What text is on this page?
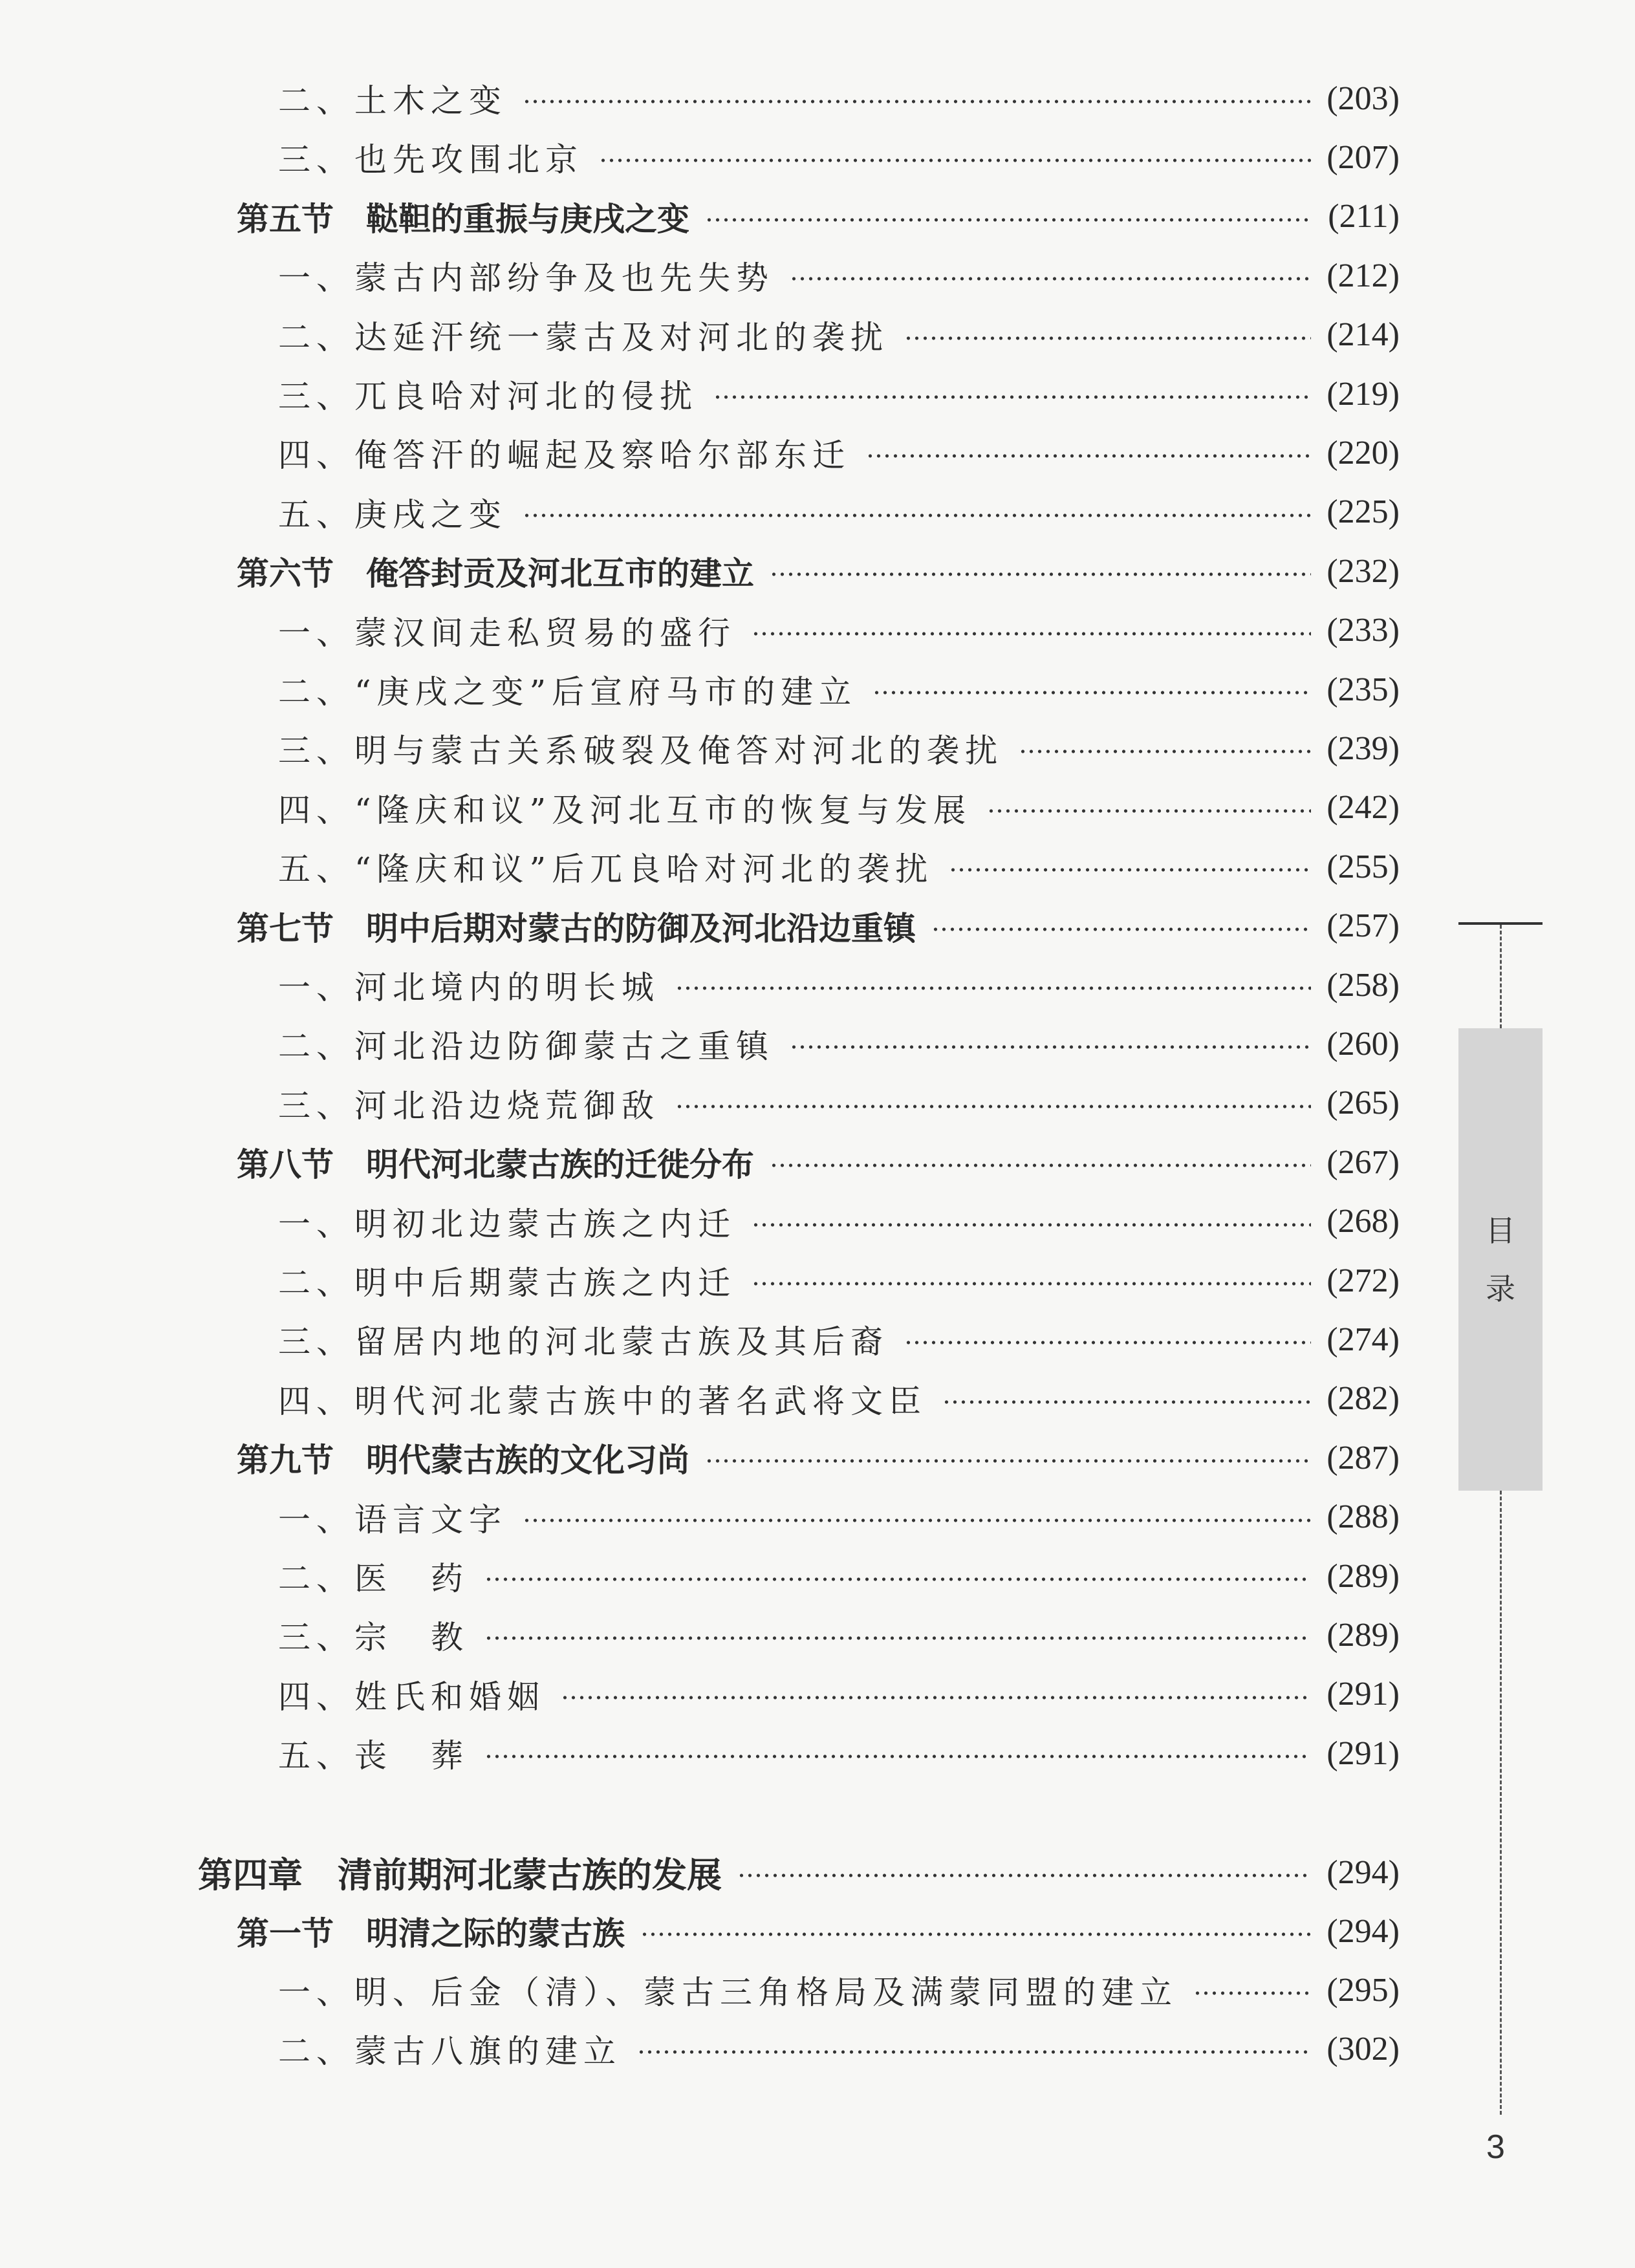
二、土木之变	(203)
三、也先攻围北京	(207)
第五节　鞑靼的重振与庚戌之变	(211)
一、蒙古内部纷争及也先失势	(212)
二、达延汗统一蒙古及对河北的袭扰	(214)
三、兀良哈对河北的侵扰	(219)
四、俺答汗的崛起及察哈尔部东迁	(220)
五、庚戌之变	(225)
第六节　俺答封贡及河北互市的建立	(232)
一、蒙汉间走私贸易的盛行	(233)
二、“庚戌之变”后宣府马市的建立	(235)
三、明与蒙古关系破裂及俺答对河北的袭扰	(239)
四、“隆庆和议”及河北互市的恢复与发展	(242)
五、“隆庆和议”后兀良哈对河北的袭扰	(255)
第七节　明中后期对蒙古的防御及河北沿边重镇	(257)
一、河北境内的明长城	(258)
二、河北沿边防御蒙古之重镇	(260)
三、河北沿边烧荒御敌	(265)
第八节　明代河北蒙古族的迁徙分布	(267)
一、明初北边蒙古族之内迁	(268)
二、明中后期蒙古族之内迁	(272)
三、留居内地的河北蒙古族及其后裔	(274)
四、明代河北蒙古族中的著名武将文臣	(282)
第九节　明代蒙古族的文化习尚	(287)
一、语言文字	(288)
二、医　药	(289)
三、宗　教	(289)
四、姓氏和婚姻	(291)
五、丧　葬	(291)
第四章　清前期河北蒙古族的发展	(294)
第一节　明清之际的蒙古族	(294)
一、明、后金（清）、蒙古三角格局及满蒙同盟的建立	(295)
二、蒙古八旗的建立	(302)
目
录
3
